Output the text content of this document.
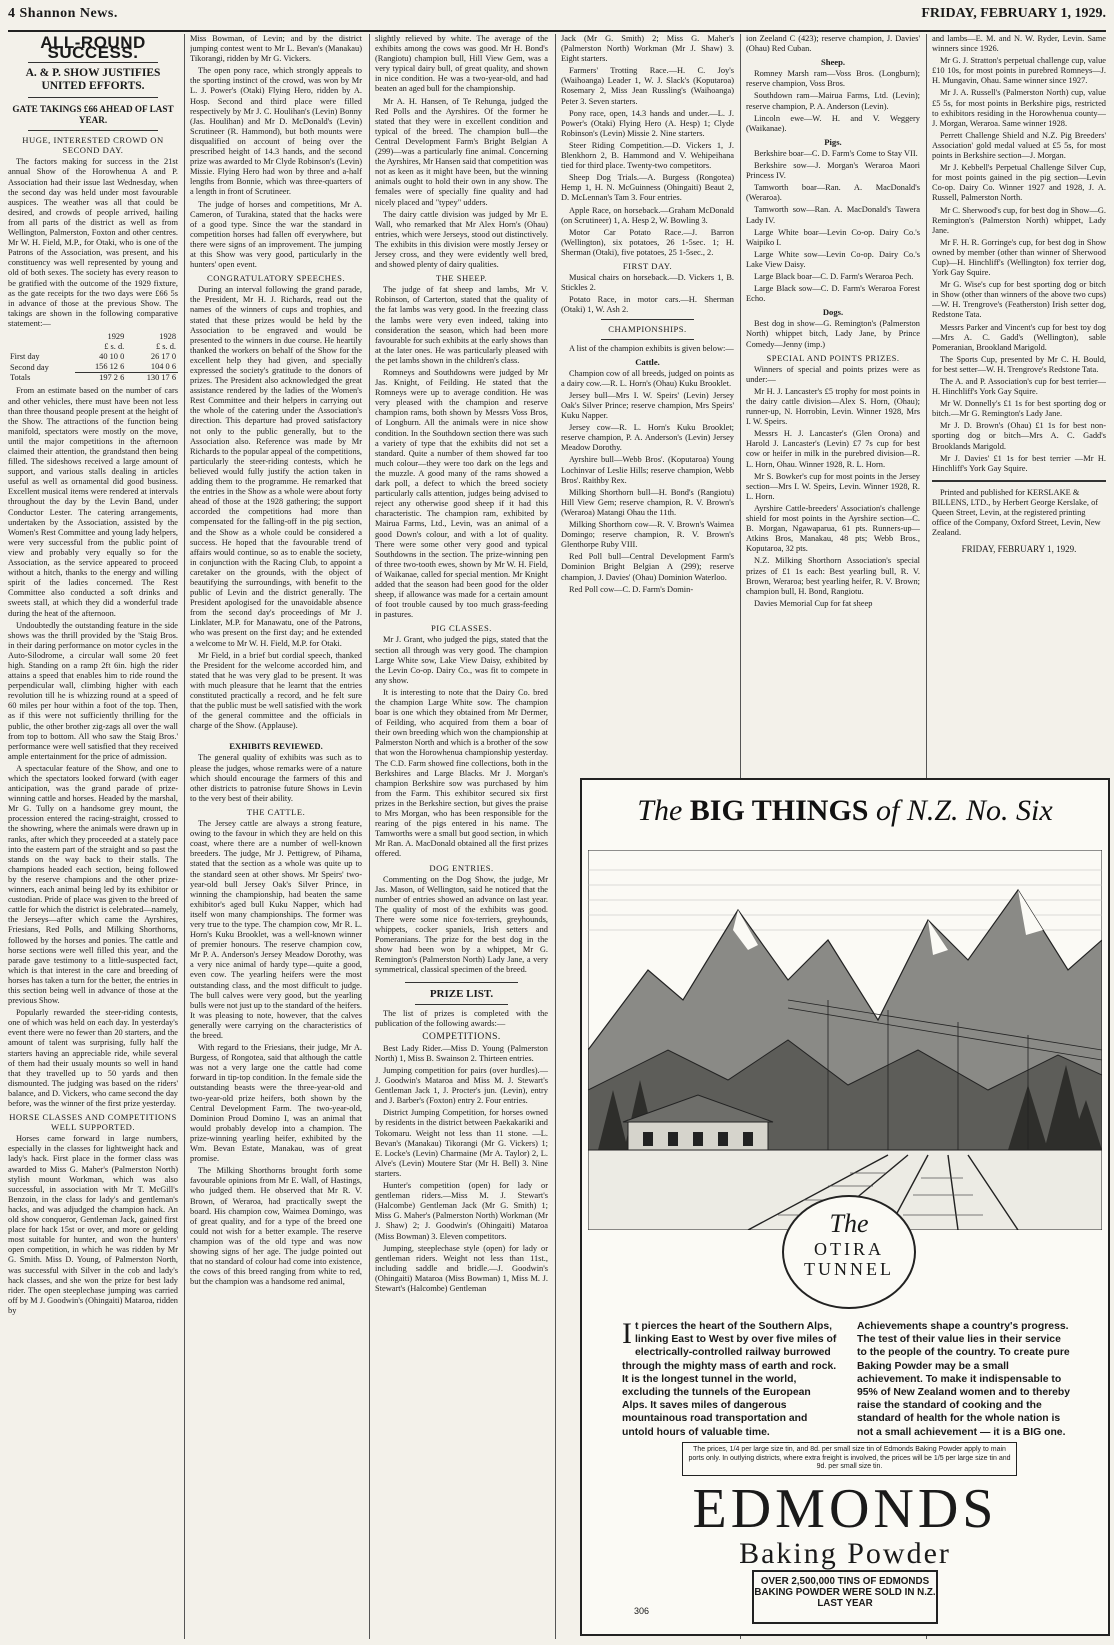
4 Shannon News.	FRIDAY, FEBRUARY 1, 1929.
ALL-ROUND SUCCESS.
A. & P. SHOW JUSTIFIES UNITED EFFORTS.
GATE TAKINGS £66 AHEAD OF LAST YEAR.
HUGE, INTERESTED CROWD ON SECOND DAY.

The factors making for success in the 21st annual Show of the Horowhenua A and P. Association had their issue last Wednesday, when the second day was held under most favourable auspices. The weather was all that could be desired, and crowds of people arrived, hailing from all parts of the district as well as from Wellington, Palmerston, Foxton and other centres. Mr W. H. Field, M.P., for Otaki, who is one of the Patrons of the Association, was present, and his constituency was well represented by young and old of both sexes. The society has every reason to be gratified with the outcome of the 1929 fixture, as the gate receipts for the two days were £66 5s in advance of those at the previous Show. The takings are shown in the following comparative statement:—

	1929	1928
	£ s. d.	£ s. d.
First day	40 10 0	26 17 0
Second day	156 12 6	104 0 6
Totals	197 2 6	130 17 6

From an estimate based on the number of cars and other vehicles, there must have been not less than three thousand people present at the height of the Show. The attractions of the function being manifold, spectators were mostly on the move, until the major competitions in the afternoon claimed their attention, the grandstand then being filled. The sideshows received a large amount of support, and various stalls dealing in articles useful as well as ornamental did good business. Excellent musical items were rendered at intervals throughout the day by the Levin Band, under Conductor Lester. The catering arrangements, undertaken by the Association, assisted by the Women's Rest Committee and young lady helpers, were very successful from the public point of view and probably very equally so for the Association, as the service appeared to proceed without a hitch, thanks to the energy and willing spirit of the ladies concerned. The Rest Committee also conducted a soft drinks and sweets stall, at which they did a wonderful trade during the heat of the afternoon.

Undoubtedly the outstanding feature in the side shows was the thrill provided by the 'Staig Bros. in their daring performance on motor cycles in the Auto-Silodrome, a circular wall some 20 feet high. Standing on a ramp 2ft 6in. high the rider attains a speed that enables him to ride round the perpendicular wall, climbing higher with each revolution till he is whizzing round at a speed of 60 miles per hour within a foot of the top. Then, as if this were not sufficiently thrilling for the public, the other brother zig-zags all over the wall from top to bottom. All who saw the Staig Bros.' performance were well satisfied that they received ample entertainment for the price of admission.

A spectacular feature of the Show, and one to which the spectators looked forward (with eager anticipation, was the grand parade of prize-winning cattle and horses. Headed by the marshal, Mr G. Tully on a handsome grey mount, the procession entered the racing-straight, crossed to the showring, where the animals were drawn up in ranks, after which they proceeded at a stately pace into the eastern part of the straight and so past the stands on the way back to their stalls. The champions headed each section, being followed by the reserve champions and the other prize-winners, each animal being led by its exhibitor or custodian. Pride of place was given to the breed of cattle for which the district is celebrated—namely, the Jerseys—after which came the Ayrshires, Friesians, Red Polls, and Milking Shorthorns, followed by the horses and ponies. The cattle and horse sections were well filled this year, and the parade gave testimony to a little-suspected fact, which is that interest in the care and breeding of horses has taken a turn for the better, the entries in this section being well in advance of those at the previous Show.

Popularly rewarded the steer-riding contests, one of which was held on each day. In yesterday's event there were no fewer than 20 starters, and the amount of talent was surprising, fully half the starters having an appreciable ride, while several of them had their usualy mounts so well in hand that they travelled up to 50 yards and then dismounted. The judging was based on the riders' balance, and D. Vickers, who came second the day before, was the winner of the first prize yesterday.

HORSE CLASSES AND COMPETITIONS WELL SUPPORTED.

Horses came forward in large numbers, especially in the classes for lightweight hack and lady's hack. First place in the former class was awarded to Miss G. Maher's (Palmerston North) stylish mount Workman, which was also successful, in association with Mr T. McGill's Benzoin, in the class for lady's and gentleman's hacks, and was adjudged the champion hack. An old show conqueror, Gentleman Jack, gained first place for hack 15st or over, and more or gelding most suitable for hunter, and won the hunters' open competition, in which he was ridden by Mr G. Smith. Miss D. Young, of Palmerston North, was successful with Silver in the cob and lady's hack classes, and she won the prize for best lady rider. The open steeplechase jumping was carried off by M J. Goodwin's (Ohingaiti) Mataroa, ridden by

Miss Bowman, of Levin; and by the district jumping contest went to Mr L. Bevan's (Manakau) Tikorangi, ridden by Mr G. Vickers.

The open pony race, which strongly appeals to the sporting instinct of the crowd, was won by Mr L. J. Power's (Otaki) Flying Hero, ridden by A. Hosp. Second and third place were filled respectively by Mr J. C. Houlihan's (Levin) Bonny (Jas. Houlihan) and Mr D. McDonald's (Levin) Scrutineer (R. Hammond), but both mounts were disqualified on account of being over the prescribed height of 14.3 hands, and the second prize was awarded to Mr Clyde Robinson's (Levin) Missie. Flying Hero had won by three and a-half lengths from Bonnie, which was three-quarters of a length in front of Scrutineer.

The judge of horses and competitions, Mr A. Cameron, of Turakina, stated that the hacks were of a good type. Since the war the standard in competition horses had fallen off everywhere, but there were signs of an improvement. The jumping at this Show was very good, particularly in the hunters' open event.

CONGRATULATORY SPEECHES.

During an interval following the grand parade, the President, Mr H. J. Richards, read out the names of the winners of cups and trophies, and stated that these prizes would be held by the Association to be engraved and would be presented to the winners in due course. He heartily thanked the workers on behalf of the Show for the excellent help they had given, and specially expressed the society's gratitude to the donors of prizes. The President also acknowledged the great assistance rendered by the ladies of the Women's Rest Committee and their helpers in carrying out the whole of the catering under the Association's direction. This departure had proved satisfactory not only to the public generally, but to the Association also. Reference was made by Mr Richards to the popular appeal of the competitions, particularly the steer-riding contests, which he believed would fully justify the action taken in adding them to the programme. He remarked that the entries in the Show as a whole were about forty ahead of those at the 1928 gathering; the support accorded the competitions had more than compensated for the falling-off in the pig section, and the Show as a whole could be considered a success. He hoped that the favourable trend of affairs would continue, so as to enable the society, in conjunction with the Racing Club, to appoint a caretaker on the grounds, with the object of beautifying the surroundings, with benefit to the public of Levin and the district generally. The President apologised for the unavoidable absence from the second day's proceedings of Mr J. Linklater, M.P. for Manawatu, one of the Patrons, who was present on the first day; and he extended a welcome to Mr W. H. Field, M.P. for Otaki.

Mr Field, in a brief but cordial speech, thanked the President for the welcome accorded him, and stated that he was very glad to be present. It was with much pleasure that he learnt that the entries constituted practically a record, and he felt sure that the public must be well satisfied with the work of the general committee and the officials in charge of the Show. (Applause).

EXHIBITS REVIEWED.

The general quality of exhibits was such as to please the judges, whose remarks were of a nature which should encourage the farmers of this and other districts to patronise future Shows in Levin to the very best of their ability.

THE CATTLE.

The Jersey cattle are always a strong feature, owing to the favour in which they are held on this coast, where there are a number of well-known breeders. The judge, Mr J. Pettigrew, of Pihama, stated that the section as a whole was quite up to the standard seen at other shows. Mr Speirs' two-year-old bull Jersey Oak's Silver Prince, in winning the championship, had beaten the same exhibitor's aged bull Kuku Napper, which had itself won many championships. The former was very true to the type. The champion cow, Mr R. L. Horn's Kuku Brooklet, was a well-known winner of premier honours. The reserve champion cow, Mr P. A. Anderson's Jersey Meadow Dorothy, was a very nice animal of hardy type—quite a good, even cow. The yearling heifers were the most outstanding class, and the most difficult to judge. The bull calves were very good, but the yearling bulls were not just up to the standard of the heifers. It was pleasing to note, however, that the calves generally were carrying on the characteristics of the breed.

With regard to the Friesians, their judge, Mr A. Burgess, of Rongotea, said that although the cattle was not a very large one the cattle had come forward in tip-top condition. In the female side the outstanding beasts were the three-year-old and two-year-old prize heifers, both shown by the Central Development Farm. The two-year-old, Dominion Proud Domino I, was an animal that would probably develop into a champion. The prize-winning yearling heifer, exhibited by the Wm. Bevan Estate, Manakau, was of great promise.

The Milking Shorthorns brought forth some favourable opinions from Mr E. Wall, of Hastings, who judged them. He observed that Mr R. V. Brown, of Weraroa, had practically swept the board. His champion cow, Waimea Domingo, was of great quality, and for a type of the breed one could not wish for a better example. The reserve champion was of the old type and was now showing signs of her age. The judge pointed out that no standard of colour had come into existence, the cows of this breed ranging from white to red, but the champion was a handsome red animal,

slightly relieved by white. The average of the exhibits among the cows was good. Mr H. Bond's (Rangiotu) champion bull, Hill View Gem, was a very typical dairy bull, of great quality, and shown in nice condition. He was a two-year-old, and had beaten an aged bull for the championship.

Mr A. H. Hansen, of Te Rehunga, judged the Red Polls and the Ayrshires. Of the former he stated that they were in excellent condition and typical of the breed. The champion bull—the Central Development Farm's Bright Belgian A (299)—was a particularly fine animal. Concerning the Ayrshires, Mr Hansen said that competition was not as keen as it might have been, but the winning animals ought to hold their own in any show. The females were of specially fine quality and had nicely placed and "typey" udders.

The dairy cattle division was judged by Mr E. Wall, who remarked that Mr Alex Horn's (Ohau) entries, which were Jerseys, stood out distinctively. The exhibits in this division were mostly Jersey or Jersey cross, and they were evidently well bred, and showed plenty of dairy qualities.

THE SHEEP.

The judge of fat sheep and lambs, Mr V. Robinson, of Carterton, stated that the quality of the fat lambs was very good. In the freezing class the lambs were very even indeed, taking into consideration the season, which had been more favourable for such exhibits at the early shows than at the later ones. He was particularly pleased with the pet lambs shown in the children's class.

Romneys and Southdowns were judged by Mr Jas. Knight, of Feilding. He stated that the Romneys were up to average condition. He was very pleased with the champion and reserve champion rams, both shown by Messrs Voss Bros, of Longburn. All the animals were in nice show condition. In the Southdown section there was such a variety of type that the exhibits did not set a standard. Quite a number of them showed far too much colour—they were too dark on the legs and the muzzle. A good many of the rams showed a dark poll, a defect to which the breed society particularly calls attention, judges being advised to reject any otherwise good sheep if it had this characteristic. The champion ram, exhibited by Mairua Farms, Ltd., Levin, was an animal of a good Down's colour, and with a lot of quality. There were some other very good and typical Southdowns in the section. The prize-winning pen of three two-tooth ewes, shown by Mr W. H. Field, of Waikanae, called for special mention. Mr Knight added that the season had been good for the older sheep, if allowance was made for a certain amount of foot trouble caused by too much grass-feeding in pastures.

PIG CLASSES.

Mr J. Grant, who judged the pigs, stated that the section all through was very good. The champion Large White sow, Lake View Daisy, exhibited by the Levin Co-op. Dairy Co., was fit to compete in any show.

It is interesting to note that the Dairy Co. bred the champion Large White sow. The champion boar is one which they obtained from Mr Dermer, of Feilding, who acquired from them a boar of their own breeding which won the championship at Palmerston North and which is a brother of the sow that won the Horowhenua championship yesterday. The C.D. Farm showed fine collections, both in the Berkshires and Large Blacks. Mr J. Morgan's champion Berkshire sow was purchased by him from the Farm. This exhibitor secured six first prizes in the Berkshire section, but gives the praise to Mrs Morgan, who has been responsible for the rearing of the pigs entered in his name. The Tamworths were a small but good section, in which Mr Ran. A. MacDonald obtained all the first prizes offered.

DOG ENTRIES.

Commenting on the Dog Show, the judge, Mr Jas. Mason, of Wellington, said he noticed that the number of entries showed an advance on last year. The quality of most of the exhibits was good. There were some nice fox-terriers, greyhounds, whippets, cocker spaniels, Irish setters and Pomeranians. The prize for the best dog in the show had been won by a whippet, Mr G. Remington's (Palmerston North) Lady Jane, a very symmetrical, classical specimen of the breed.

PRIZE LIST.

The list of prizes is completed with the publication of the following awards:—

COMPETITIONS.

Best Lady Rider.—Miss D. Young (Palmerston North) 1, Miss B. Swainson 2. Thirteen entries.

Jumping competition for pairs (over hurdles).—J. Goodwin's Mataroa and Miss M. J. Stewart's Gentleman Jack 1, J. Procter's jun. (Levin), entry and J. Barber's (Foxton) entry 2. Four entries.

District Jumping Competition, for horses owned by residents in the district between Paekakariki and Tokomaru. Weight not less than 11 stone. —L. Bevan's (Manakau) Tikorangi (Mr G. Vickers) 1; E. Locke's (Levin) Charmaine (Mr A. Taylor) 2, L. Alve's (Levin) Moutere Star (Mr H. Bell) 3. Nine starters.

Hunter's competition (open) for lady or gentleman riders.—Miss M. J. Stewart's (Halcombe) Gentleman Jack (Mr G. Smith) 1; Miss G. Maher's (Palmerston North) Workman (Mr J. Shaw) 2; J. Goodwin's (Ohingaiti) Mataroa (Miss Bowman) 3. Eleven competitors.

Jumping, steeplechase style (open) for lady or gentleman riders. Weight not less than 11st., including saddle and bridle.—J. Goodwin's (Ohingaiti) Mataroa (Miss Bowman) 1, Miss M. J. Stewart's (Halcombe) Gentleman

Jack (Mr G. Smith) 2; Miss G. Maher's (Palmerston North) Workman (Mr J. Shaw) 3. Eight starters.

Farmers' Trotting Race.—H. C. Joy's (Waihoanga) Leader 1, W. J. Slack's (Koputaroa) Rosemary 2, Miss Jean Russling's (Waihoanga) Peter 3. Seven starters.

Pony race, open, 14.3 hands and under.—L. J. Power's (Otaki) Flying Hero (A. Hesp) 1; Clyde Robinson's (Levin) Missie 2. Nine starters.

Steer Riding Competition.—D. Vickers 1, J. Blenkhorn 2, B. Hammond and V. Wehipeihana tied for third place. Twenty-two competitors.

Sheep Dog Trials.—A. Burgess (Rongotea) Hemp 1, H. N. McGuinness (Ohingaiti) Beaut 2, D. McLennan's Tam 3. Four entries.

Apple Race, on horseback.—Graham McDonald (on Scrutineer) 1, A. Hesp 2, W. Bowling 3.

Motor Car Potato Race.—J. Barron (Wellington), six potatoes, 26 1-5sec. 1; H. Sherman (Otaki), five potatoes, 25 1-5sec., 2.

FIRST DAY.

Musical chairs on horseback.—D. Vickers 1, B. Stickles 2.

Potato Race, in motor cars.—H. Sherman (Otaki) 1, W. Ash 2.

CHAMPIONSHIPS.

A list of the champion exhibits is given below:—

Cattle.

Champion cow of all breeds, judged on points as a dairy cow.—R. L. Horn's (Ohau) Kuku Brooklet.

Jersey bull—Mrs I. W. Speirs' (Levin) Jersey Oak's Silver Prince; reserve champion, Mrs Speirs' Kuku Napper.

Jersey cow—R. L. Horn's Kuku Brooklet; reserve champion, P. A. Anderson's (Levin) Jersey Meadow Dorothy.

Ayrshire bull—Webb Bros'. (Koputaroa) Young Lochinvar of Leslie Hills; reserve champion, Webb Bros'. Raithby Rex.

Milking Shorthorn bull—H. Bond's (Rangiotu) Hill View Gem; reserve champion, R. V. Brown's (Weraroa) Matangi Ohau the 11th.

Milking Shorthorn cow—R. V. Brown's Waimea Domingo; reserve champion, R. V. Brown's Glenthorpe Ruby VIII.

Red Poll bull—Central Development Farm's Dominion Bright Belgian A (299); reserve champion, J. Davies' (Ohau) Dominion Waterloo.

Red Poll cow—C. D. Farm's Domin-

ion Zeeland C (423); reserve champion, J. Davies' (Ohau) Red Cuban.

Sheep.

Romney Marsh ram—Voss Bros. (Longburn); reserve champion, Voss Bros.

Southdown ram—Mairua Farms, Ltd. (Levin); reserve champion, P. A. Anderson (Levin).

Lincoln ewe—W. H. and V. Weggery (Waikanae).

Pigs.

Berkshire boar—C. D. Farm's Come to Stay VII.

Berkshire sow—J. Morgan's Weraroa Maori Princess IV.

Tamworth boar—Ran. A. MacDonald's (Weraroa).

Tamworth sow—Ran. A. MacDonald's Tawera Lady IV.

Large White boar—Levin Co-op. Dairy Co.'s Waipiko I.

Large White sow—Levin Co-op. Dairy Co.'s Lake View Daisy.

Large Black boar—C. D. Farm's Weraroa Pech.

Large Black sow—C. D. Farm's Weraroa Forest Echo.

Dogs.

Best dog in show—G. Remington's (Palmerston North) whippet bitch, Lady Jane, by Prince Comedy—Jenny (imp.)

SPECIAL AND POINTS PRIZES.

Winners of special and points prizes were as under:—

Mr H. J. Lancaster's £5 trophy for most points in the dairy cattle division—Alex S. Horn, (Ohau); runner-up, N. Horrobin, Levin. Winner 1928, Mrs I. W. Speirs.

Messrs H. J. Lancaster's (Glen Orona) and Harold J. Lancaster's (Levin) £7 7s cup for best cow or heifer in milk in the purebred division—R. L. Horn, Ohau. Winner 1928, R. L. Horn.

Mr S. Bowker's cup for most points in the Jersey section—Mrs I. W. Speirs, Levin. Winner 1928, R. L. Horn.

Ayrshire Cattle-breeders' Association's challenge shield for most points in the Ayrshire section—C. B. Morgan, Ngawaparua, 61 pts. Runners-up—Atkins Bros, Manakau, 48 pts; Webb Bros., Koputaroa, 32 pts.

N.Z. Milking Shorthorn Association's special prizes of £1 1s each: Best yearling bull, R. V. Brown, Weraroa; best yearling heifer, R. V. Brown; champion bull, H. Bond, Rangiotu.

Davies Memorial Cup for fat sheep

and lambs—E. M. and N. W. Ryder, Levin. Same winners since 1926.

Mr G. J. Stratton's perpetual challenge cup, value £10 10s, for most points in purebred Romneys—J. H. Mungavin, Ohau. Same winner since 1927.

Mr J. A. Russell's (Palmerston North) cup, value £5 5s, for most points in Berkshire pigs, restricted to exhibitors residing in the Horowhenua county—J. Morgan, Weraroa. Same winner 1928.

Perrett Challenge Shield and N.Z. Pig Breeders' Association' gold medal valued at £5 5s, for most points in Berkshire section—J. Morgan.

Mr J. Kebbell's Perpetual Challenge Silver Cup, for most points gained in the pig section—Levin Co-op. Dairy Co. Winner 1927 and 1928, J. A. Russell, Palmerston North.

Mr C. Sherwood's cup, for best dog in Show—G. Remington's (Palmerston North) whippet, Lady Jane.

Mr F. H. R. Gorringe's cup, for best dog in Show owned by member (other than winner of Sherwood Cup)—H. Hinchliff's (Wellington) fox terrier dog, York Gay Squire.

Mr G. Wise's cup for best sporting dog or bitch in Show (other than winners of the above two cups)—W. H. Trengrove's (Featherston) Irish setter dog, Redstone Tata.

Messrs Parker and Vincent's cup for best toy dog—Mrs A. C. Gadd's (Wellington), sable Pomeranian, Brookland Marigold.

The Sports Cup, presented by Mr C. H. Bould, for best setter—W. H. Trengrove's Redstone Tata.

The A. and P. Association's cup for best terrier—H. Hinchliff's York Gay Squire.

Mr W. Donnelly's £1 1s for best sporting dog or bitch.—Mr G. Remington's Lady Jane.

Mr J. D. Brown's (Ohau) £1 1s for best non-sporting dog or bitch—Mrs A. C. Gadd's Brooklands Marigold.

Mr J. Davies' £1 1s for best terrier —Mr H. Hinchliff's York Gay Squire.

Printed and published for KERSLAKE & BILLENS, LTD., by Herbert George Kerslake, of Queen Street, Levin, at the registered printing office of the Company, Oxford Street, Levin, New Zealand.

FRIDAY, FEBRUARY 1, 1929.

The BIG THINGS of N.Z. No. Six
The
OTIRA
TUNNEL
It pierces the heart of the Southern Alps, linking East to West by over five miles of electrically-controlled railway burrowed through the mighty mass of earth and rock. It is the longest tunnel in the world, excluding the tunnels of the European Alps. It saves miles of dangerous mountainous road transportation and untold hours of valuable time.
Achievements shape a country's progress. The test of their value lies in their service to the people of the country. To create pure Baking Powder may be a small achievement. To make it indispensable to 95% of New Zealand women and to thereby raise the standard of cooking and the standard of health for the whole nation is not a small achievement — it is a BIG one.
The prices, 1/4 per large size tin, and 8d. per small size tin of Edmonds Baking Powder apply to main ports only. In outlying districts, where extra freight is involved, the prices will be 1/5 per large size tin and 9d. per small size tin.
EDMONDS
Baking Powder
OVER 2,500,000 TINS OF EDMONDS BAKING POWDER WERE SOLD IN N.Z. LAST YEAR
306
